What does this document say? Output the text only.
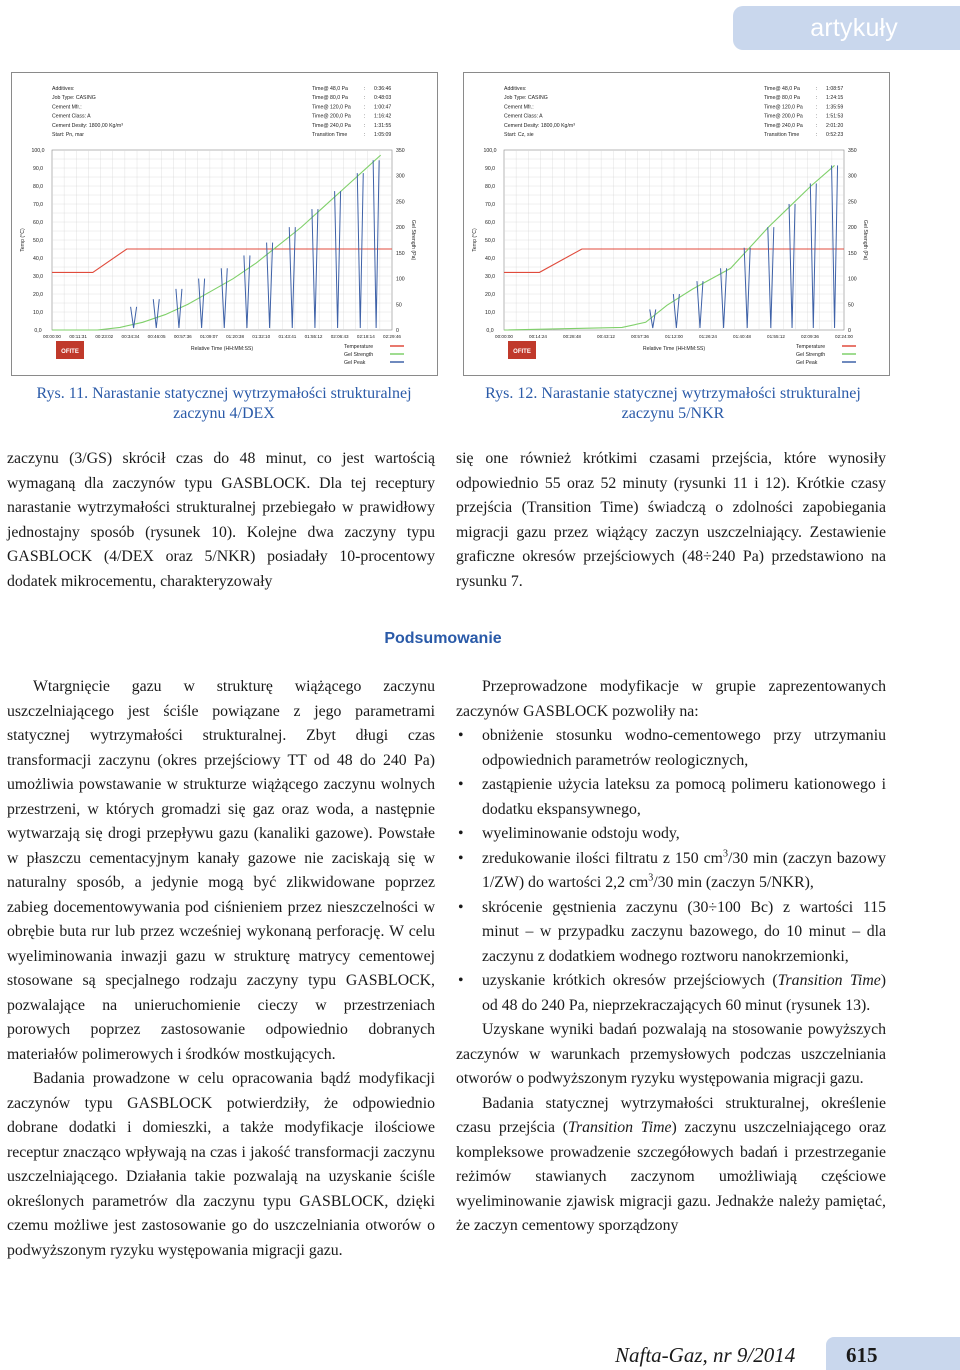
artykuły
Additives:
Job Type: CASING
Cement Mfr.:
Cement Class: A
Cement Desity: 1800,00 Kg/m³
Start: Pn, mar
Time@ 48,0 Pa	: 0:36:46
Time@ 80,0 Pa	: 0:48:03
Time@ 120,0 Pa	: 1:00:47
Time@ 200,0 Pa	: 1:16:42
Time@ 240,0 Pa	: 1:31:55
Transition Time	: 1:05:09
100,0
90,0
80,0
70,0
60,0
50,0
40,0
30,0
20,0
10,0
0,0
350
300
250
200
150
100
50
0
Temp (°C)	Gel Strength (Pa)
00:00:00 00:11:31 00:23:02 00:34:34 00:46:05 00:57:36 01:09:07 01:20:38 01:32:10 01:43:41 01:55:12 02:06:43 02:18:14 02:29:46
Relative Time (HH:MM:SS)
OFITE
Temperature
Gel Strength
Gel Peak
Additives:
Job Type: CASING
Cement Mfr.:
Cement Class: A
Cement Desity: 1800,00 Kg/m³
Start: Cz, sie
Time@ 48,0 Pa	: 1:08:57
Time@ 80,0 Pa	: 1:24:15
Time@ 120,0 Pa	: 1:35:59
Time@ 200,0 Pa	: 1:51:53
Time@ 240,0 Pa	: 2:01:20
Transition Time	: 0:52:23
100,0
90,0
80,0
70,0
60,0
50,0
40,0
30,0
20,0
10,0
0,0
350
300
250
200
150
100
50
0
Temp (°C)	Gel Strength (Pa)
00:00:00	00:14:24	00:28:48	00:43:12	00:57:36	01:12:00	01:26:24	01:40:48	01:55:12	02:09:36	02:24:00
Relative Time (HH:MM:SS)
OFITE
Temperature
Gel Strength
Gel Peak
Rys. 11. Narastanie statycznej wytrzymałości strukturalnej zaczynu 4/DEX
Rys. 12. Narastanie statycznej wytrzymałości strukturalnej zaczynu 5/NKR

zaczynu (3/GS) skrócił czas do 48 minut, co jest wartością wymaganą dla zaczynów typu GASBLOCK. Dla tej receptury narastanie wytrzymałości strukturalnej przebiegało w prawidłowy jednostajny sposób (rysunek 10). Kolejne dwa zaczyny typu GASBLOCK (4/DEX oraz 5/NKR) posiadały 10-procentowy dodatek mikrocementu, charakteryzowały

się one również krótkimi czasami przejścia, które wynosiły odpowiednio 55 oraz 52 minuty (rysunki 11 i 12). Krótkie czasy przejścia (Transition Time) świadczą o zdolności zapobiegania migracji gazu przez wiążący zaczyn uszczelniający. Zestawienie graficzne okresów przejściowych (48÷240 Pa) przedstawiono na rysunku 7.

Podsumowanie

Wtargnięcie gazu w strukturę wiążącego zaczynu uszczelniającego jest ściśle powiązane z jego parametrami statycznej wytrzymałości strukturalnej. Zbyt długi czas transformacji zaczynu (okres przejściowy TT od 48 do 240 Pa) umożliwia powstawanie w strukturze wiążącego zaczynu wolnych przestrzeni, w których gromadzi się gaz oraz woda, a następnie wytwarzają się drogi przepływu gazu (kanaliki gazowe). Powstałe w płaszczu cementacyjnym kanały gazowe nie zaciskają się w naturalny sposób, a jedynie mogą być zlikwidowane poprzez zabieg docementowywania pod ciśnieniem przez nieszczelności w obrębie buta rur lub przez wcześniej wykonaną perforację. W celu wyeliminowania inwazji gazu w strukturę matrycy cementowej stosowane są specjalnego rodzaju zaczyny typu GASBLOCK, pozwalające na unieruchomienie cieczy w przestrzeniach porowych poprzez zastosowanie odpowiednio dobranych materiałów polimerowych i środków mostkujących.

Badania prowadzone w celu opracowania bądź modyfikacji zaczynów typu GASBLOCK potwierdziły, że odpowiednio dobrane dodatki i domieszki, a także modyfikacje ilościowe receptur znacząco wpływają na czas i jakość transformacji zaczynu uszczelniającego. Działania takie pozwalają na uzyskanie ściśle określonych parametrów dla zaczynu typu GASBLOCK, dzięki czemu możliwe jest zastosowanie go do uszczelniania otworów o podwyższonym ryzyku występowania migracji gazu.

Przeprowadzone modyfikacje w grupie zaprezentowanych zaczynów GASBLOCK pozwoliły na:

• obniżenie stosunku wodno-cementowego przy utrzymaniu odpowiednich parametrów reologicznych,
• zastąpienie użycia lateksu za pomocą polimeru kationowego i dodatku ekspansywnego,
• wyeliminowanie odstoju wody,
• zredukowanie ilości filtratu z 150 $cm^3/30$ min (zaczyn bazowy 1/ZW) do wartości 2,2 $cm^3/30$ min (zaczyn 5/NKR),
• skrócenie gęstnienia zaczynu (30÷100 Bc) z wartości 115 minut – w przypadku zaczynu bazowego, do 10 minut – dla zaczynu z dodatkiem wodnego roztworu nanokrzemionki,
• uzyskanie krótkich okresów przejściowych (Transition Time) od 48 do 240 Pa, nieprzekraczających 60 minut (rysunek 13).

Uzyskane wyniki badań pozwalają na stosowanie powyższych zaczynów w warunkach przemysłowych podczas uszczelniania otworów o podwyższonym ryzyku występowania migracji gazu.

Badania statycznej wytrzymałości strukturalnej, określenie czasu przejścia (Transition Time) zaczynu uszczelniającego oraz kompleksowe prowadzenie szczegółowych badań i przestrzeganie reżimów stawianych zaczynom umożliwiają częściowe wyeliminowanie zjawisk migracji gazu. Jednakże należy pamiętać, że zaczyn cementowy sporządzony

Nafta-Gaz, nr 9/2014 615
